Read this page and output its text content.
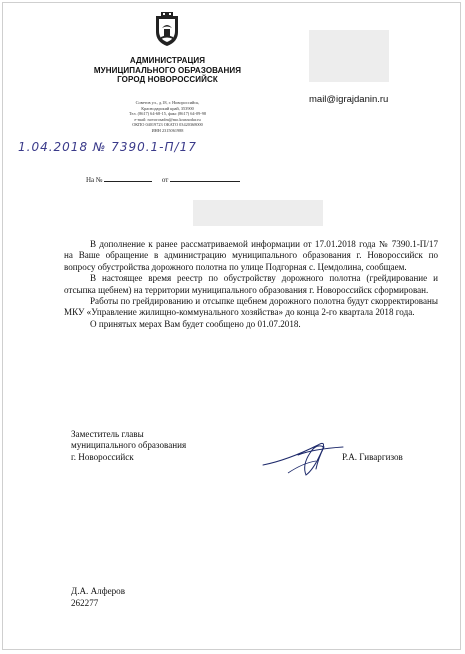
АДМИНИСТРАЦИЯ
МУНИЦИПАЛЬНОГО ОБРАЗОВАНИЯ
ГОРОД НОВОРОССИЙСК
Советов ул., д.18, г. Новороссийск,
Краснодарский край, 353900
Тел. (8617) 64-68-15, факс (8617) 64-09-98
e-mail: novorosadm@mo.krasnodar.ru
ОКПО 04019723 ОКАТО 03420368000
ИНН 2315061988
mail@igrajdanin.ru
1.04.2018 № 7390.1-П/17
На №	от

В дополнение к ранее рассматриваемой информации от 17.01.2018 года № 7390.1-П/17 на Ваше обращение в администрацию муниципального образования г. Новороссийск по вопросу обустройства дорожного полотна по улице Подгорная с. Цемдолина, сообщаем.

В настоящее время реестр по обустройству дорожного полотна (грейдирование и отсыпка щебнем) на территории муниципального образования г. Новороссийск сформирован.

Работы по грейдированию и отсыпке щебнем дорожного полотна будут скорректированы МКУ «Управление жилищно-коммунального хозяйства» до конца 2-го квартала 2018 года.

О принятых мерах Вам будет сообщено до 01.07.2018.

Заместитель главы
муниципального образования
г. Новороссийск	Р.А. Гиваргизов
Д.А. Алферов
262277
